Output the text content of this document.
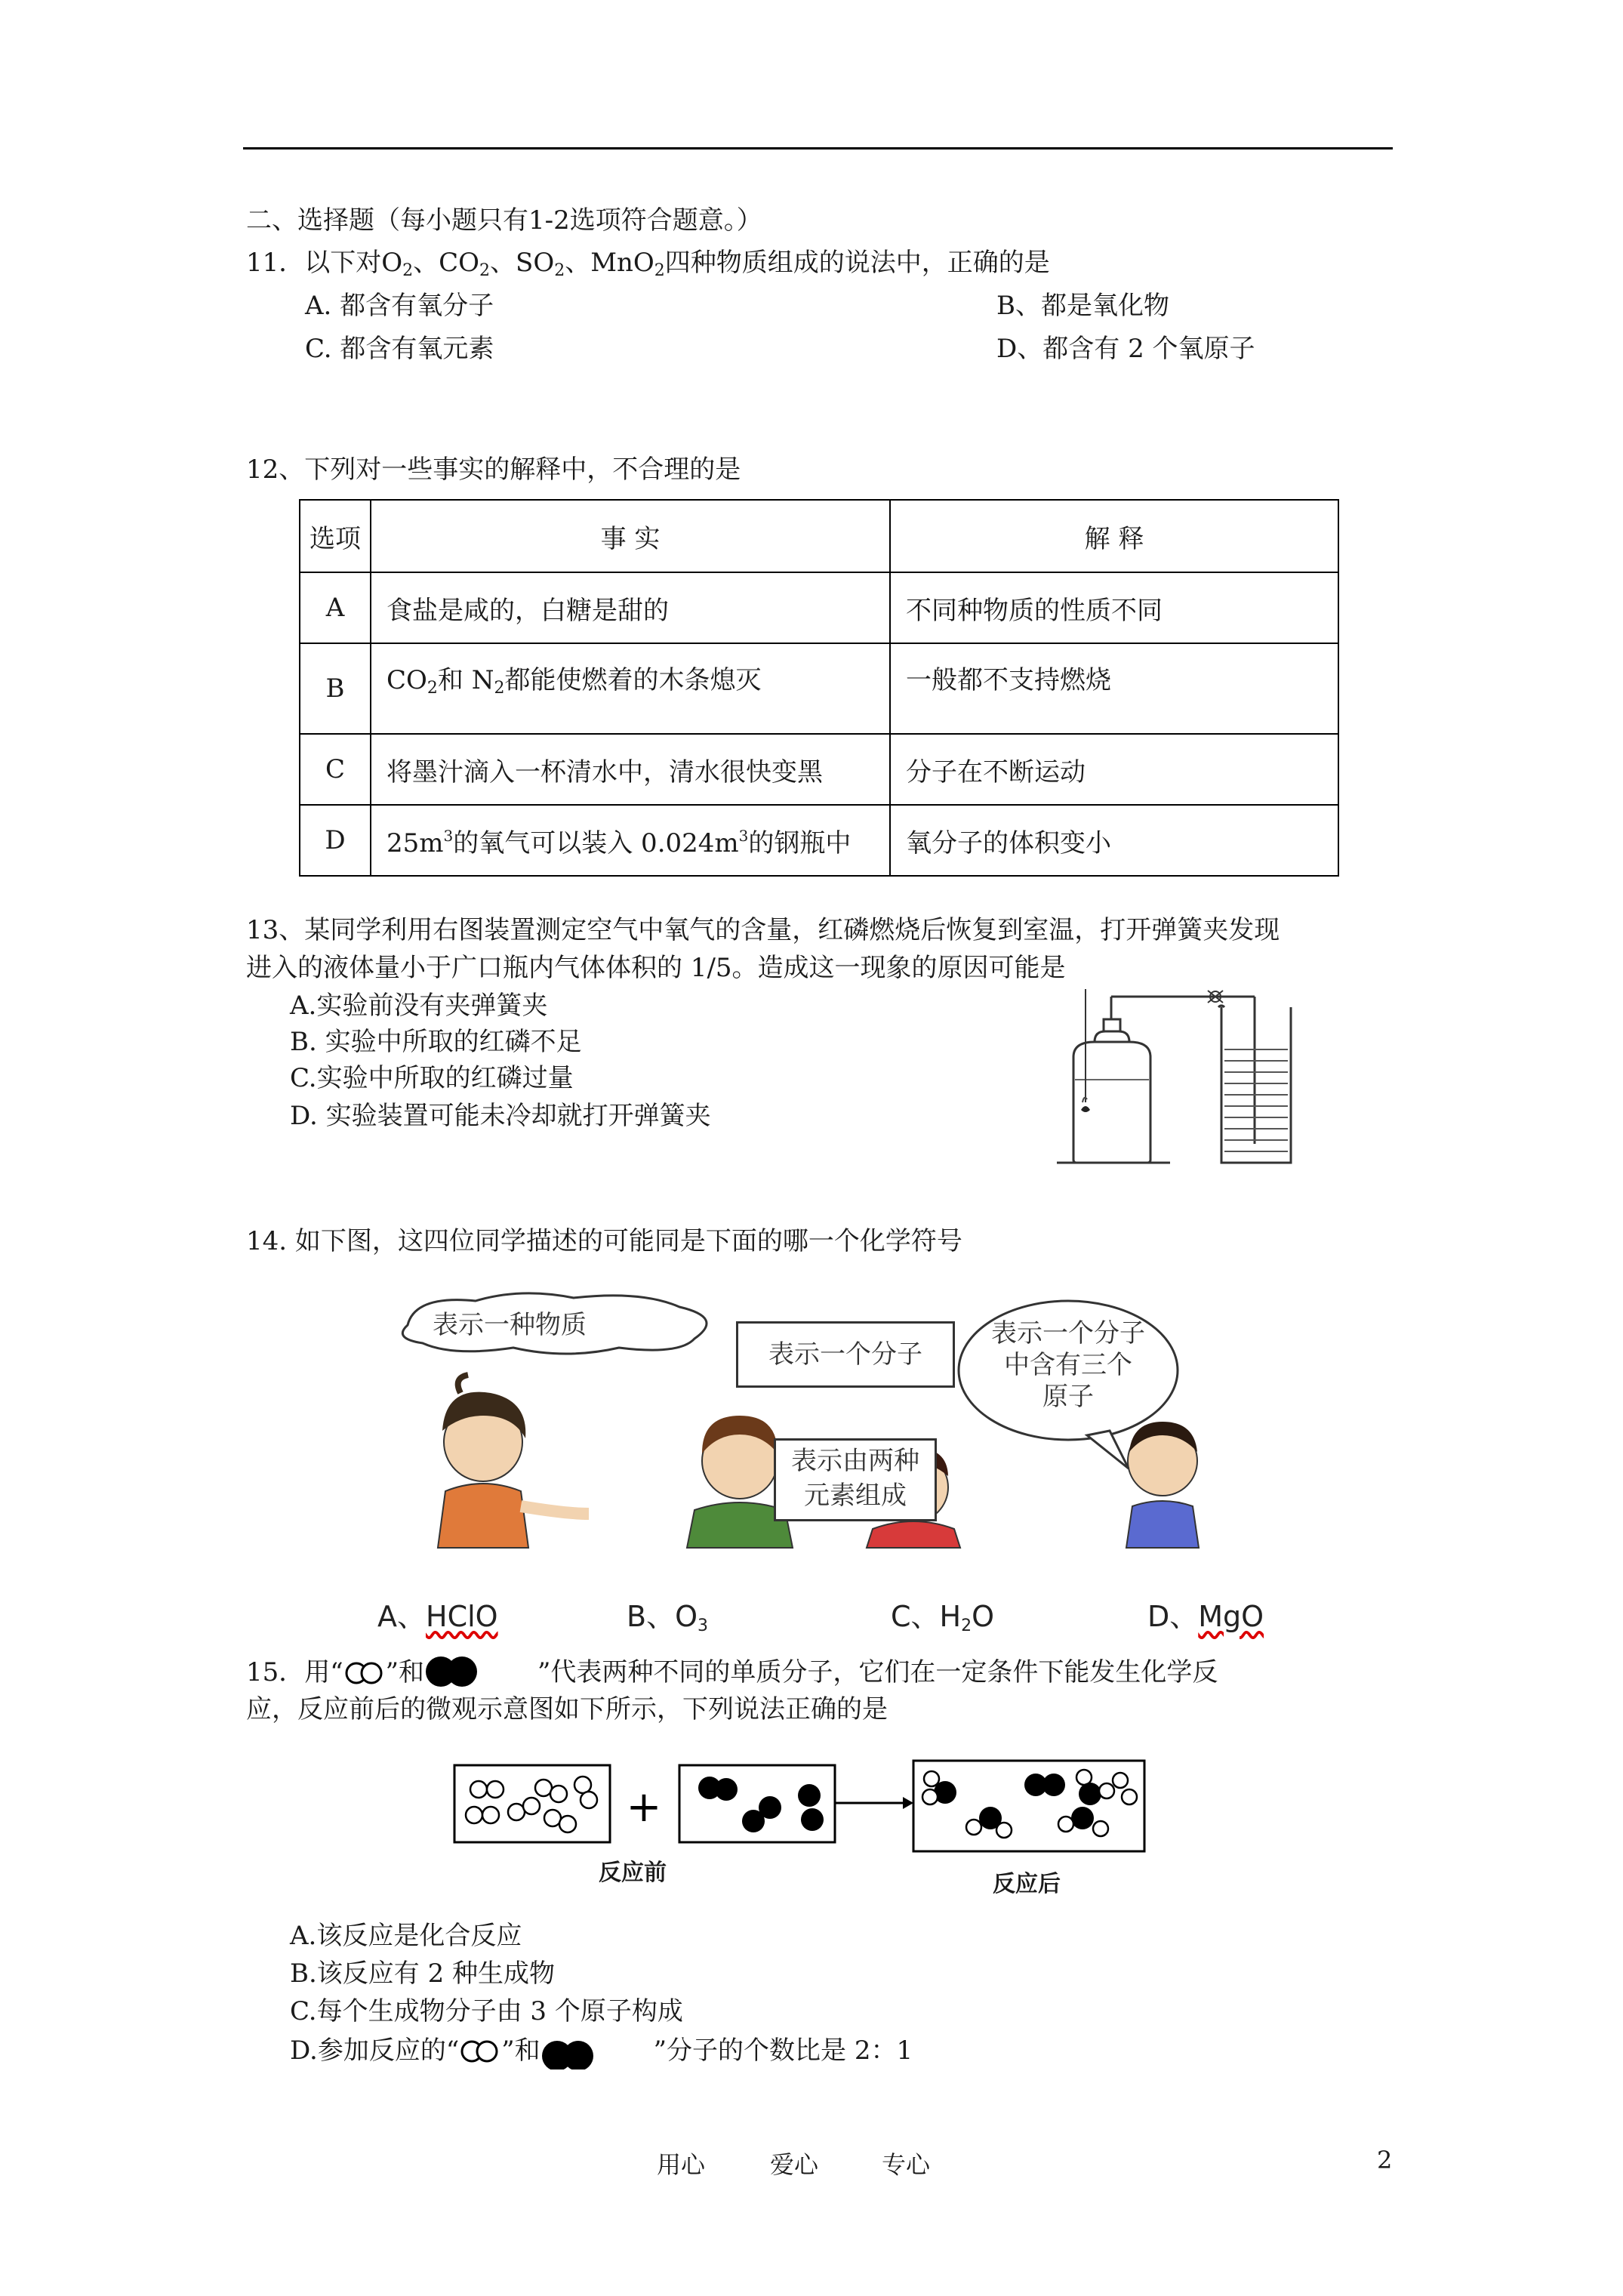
二、选择题（每小题只有1-2选项符合题意。）
11．以下对$O_2$、$CO_2$、$SO_2$、MnO$_2$四种物质组成的说法中，正确的是
A. 都含有氧分子	B、都是氧化物
C. 都含有氧元素	D、都含有 2 个氧原子
12、下列对一些事实的解释中，不合理的是
选项	事 实	解 释
A	食盐是咸的，白糖是甜的	不同种物质的性质不同
B	$CO_2$和 $N_2$都能使燃着的木条熄灭	一般都不支持燃烧
C	将墨汁滴入一杯清水中，清水很快变黑	分子在不断运动
D	$25m^3$的氧气可以装入 $0.024m^3$的钢瓶中	氧分子的体积变小
13、某同学利用右图装置测定空气中氧气的含量，红磷燃烧后恢复到室温，打开弹簧夹发现
进入的液体量小于广口瓶内气体体积的 1/5。造成这一现象的原因可能是
A.实验前没有夹弹簧夹
B. 实验中所取的红磷不足
C.实验中所取的红磷过量
D. 实验装置可能未冷却就打开弹簧夹
14. 如下图，这四位同学描述的可能同是下面的哪一个化学符号
表示一种物质
表示一个分子
表示一个分子
中含有三个
原子
表示由两种
元素组成
A、HClO	B、$O_3$	C、$H_2O$	D、MgO
15．用“ ”和	”代表两种不同的单质分子，它们在一定条件下能发生化学反
应，反应前后的微观示意图如下所示，下列说法正确的是
+
反应前	反应后
A.该反应是化合反应
B.该反应有 2 种生成物
C.每个生成物分子由 3 个原子构成
D.参加反应的“ ”和	”分子的个数比是 2：1
用心	爱心	专心	2
